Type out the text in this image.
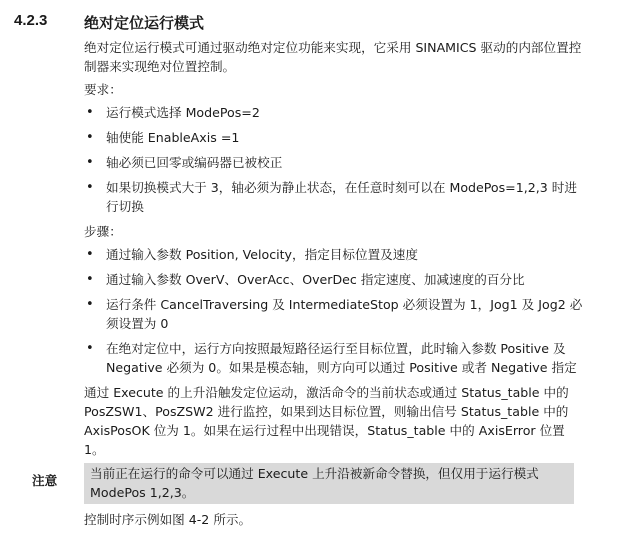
4.2.3 绝对定位运行模式

绝对定位运行模式可通过驱动绝对定位功能来实现，它采用 SINAMICS 驱动的内部位置控制器来实现绝对位置控制。

要求：

• 运行模式选择 ModePos=2
• 轴使能 EnableAxis =1
• 轴必须已回零或编码器已被校正
• 如果切换模式大于 3，轴必须为静止状态，在任意时刻可以在 ModePos=1,2,3 时进行切换

步骤：

• 通过输入参数 Position, Velocity，指定目标位置及速度
• 通过输入参数 OverV、OverAcc、OverDec 指定速度、加减速度的百分比
• 运行条件 CancelTraversing 及 IntermediateStop 必须设置为 1，Jog1 及 Jog2 必须设置为 0
• 在绝对定位中，运行方向按照最短路径运行至目标位置，此时输入参数 Positive 及 Negative 必须为 0。如果是模态轴，则方向可以通过 Positive 或者 Negative 指定

通过 Execute 的上升沿触发定位运动，激活命令的当前状态或通过 Status_table 中的 PosZSW1、PosZSW2 进行监控，如果到达目标位置，则输出信号 Status_table 中的 AxisPosOK 位为 1。如果在运行过程中出现错误，Status_table 中的 AxisError 位置 1。

注意	当前正在运行的命令可以通过 Execute 上升沿被新命令替换，但仅用于运行模式 ModePos 1,2,3。

控制时序示例如图 4-2 所示。
